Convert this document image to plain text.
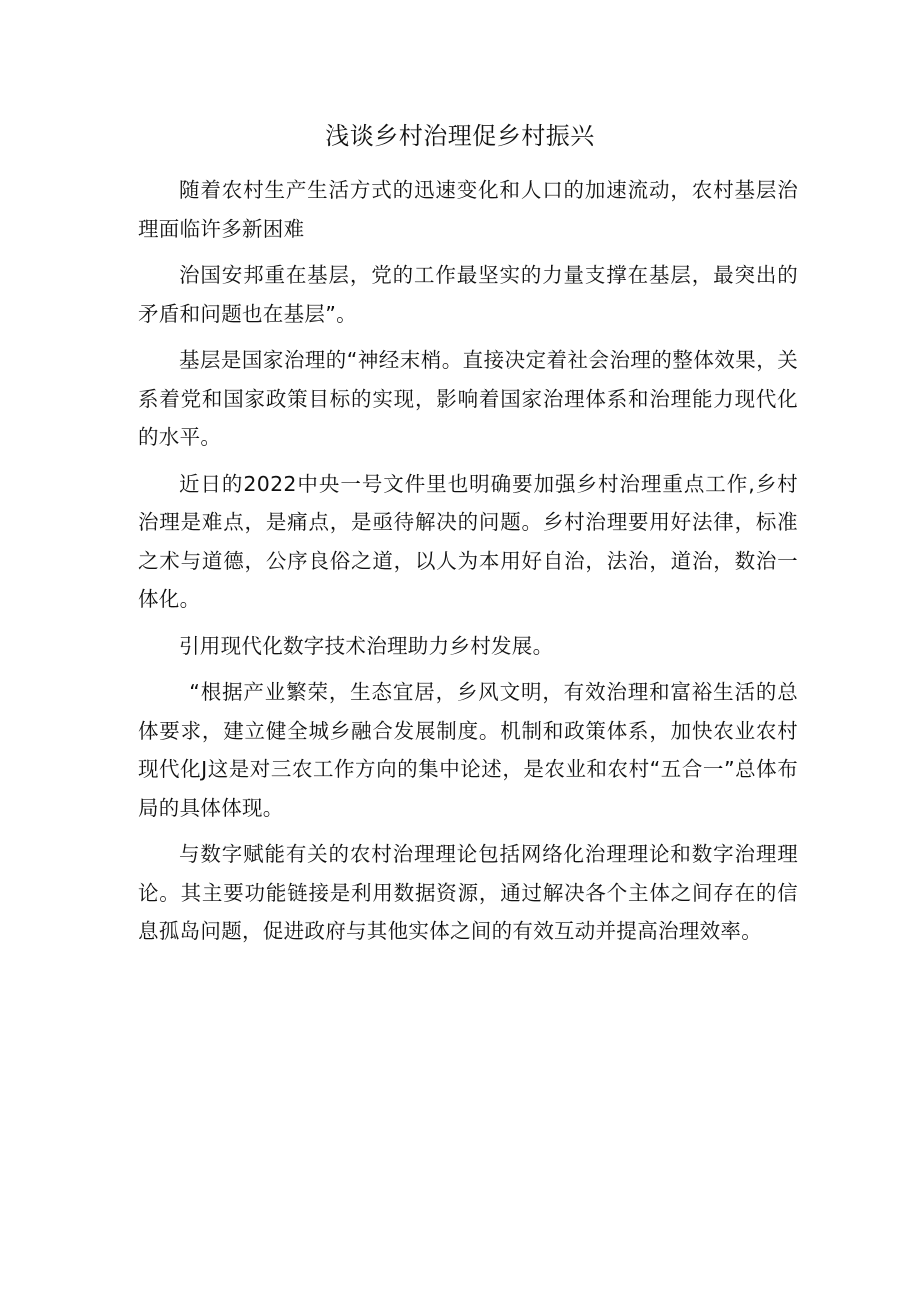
浅谈乡村治理促乡村振兴

随着农村生产生活方式的迅速变化和人口的加速流动，农村基层治理面临许多新困难

治国安邦重在基层，党的工作最坚实的力量支撑在基层，最突出的矛盾和问题也在基层”。

基层是国家治理的“神经末梢。直接决定着社会治理的整体效果，关系着党和国家政策目标的实现，影响着国家治理体系和治理能力现代化的水平。

近日的2022中央一号文件里也明确要加强乡村治理重点工作,乡村治理是难点，是痛点，是亟待解决的问题。乡村治理要用好法律，标准之术与道德，公序良俗之道，以人为本用好自治，法治，道治，数治一体化。

引用现代化数字技术治理助力乡村发展。

“根据产业繁荣，生态宜居，乡风文明，有效治理和富裕生活的总体要求，建立健全城乡融合发展制度。机制和政策体系，加快农业农村现代化J这是对三农工作方向的集中论述，是农业和农村“五合一”总体布局的具体体现。

与数字赋能有关的农村治理理论包括网络化治理理论和数字治理理论。其主要功能链接是利用数据资源，通过解决各个主体之间存在的信息孤岛问题，促进政府与其他实体之间的有效互动并提高治理效率。
